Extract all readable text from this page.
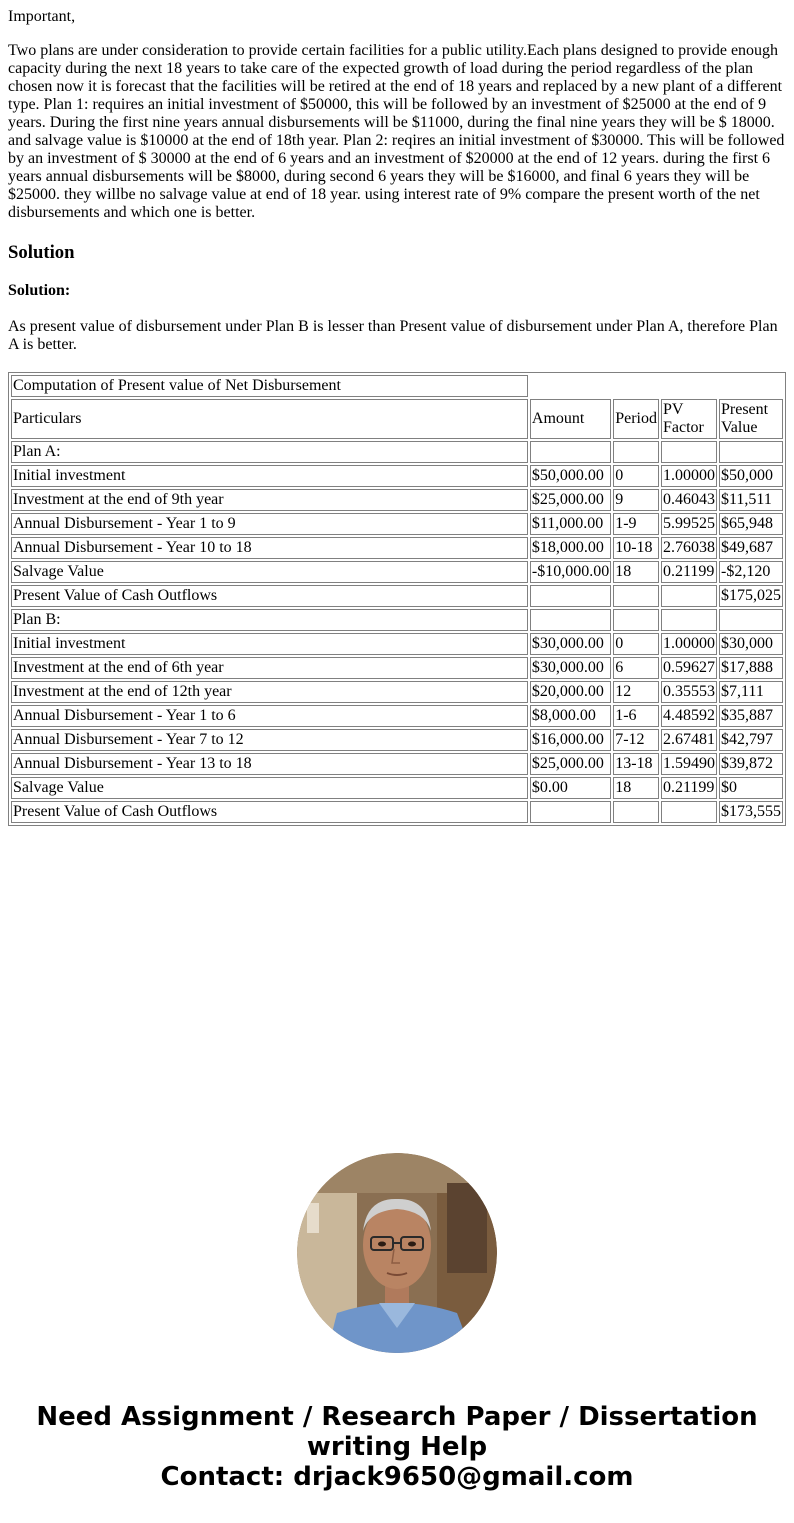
Important,

Two plans are under consideration to provide certain facilities for a public utility.Each plans designed to provide enough capacity during the next 18 years to take care of the expected growth of load during the period regardless of the plan chosen now it is forecast that the facilities will be retired at the end of 18 years and replaced by a new plant of a different type. Plan 1: requires an initial investment of $50000, this will be followed by an investment of $25000 at the end of 9 years. During the first nine years annual disbursements will be $11000, during the final nine years they will be $ 18000. and salvage value is $10000 at the end of 18th year. Plan 2: reqires an initial investment of $30000. This will be followed by an investment of $ 30000 at the end of 6 years and an investment of $20000 at the end of 12 years. during the first 6 years annual disbursements will be $8000, during second 6 years they will be $16000, and final 6 years they will be $25000. they willbe no salvage value at end of 18 year. using interest rate of 9% compare the present worth of the net disbursements and which one is better.

Solution
Solution:

As present value of disbursement under Plan B is lesser than Present value of disbursement under Plan A, therefore Plan A is better.

Computation of Present value of Net Disbursement				
Particulars	Amount	Period	PV Factor	Present Value
Plan A:				
Initial investment	$50,000.00	0	1.00000	$50,000
Investment at the end of 9th year	$25,000.00	9	0.46043	$11,511
Annual Disbursement - Year 1 to 9	$11,000.00	1-9	5.99525	$65,948
Annual Disbursement - Year 10 to 18	$18,000.00	10-18	2.76038	$49,687
Salvage Value	-$10,000.00	18	0.21199	-$2,120
Present Value of Cash Outflows				$175,025
Plan B:				
Initial investment	$30,000.00	0	1.00000	$30,000
Investment at the end of 6th year	$30,000.00	6	0.59627	$17,888
Investment at the end of 12th year	$20,000.00	12	0.35553	$7,111
Annual Disbursement - Year 1 to 6	$8,000.00	1-6	4.48592	$35,887
Annual Disbursement - Year 7 to 12	$16,000.00	7-12	2.67481	$42,797
Annual Disbursement - Year 13 to 18	$25,000.00	13-18	1.59490	$39,872
Salvage Value	$0.00	18	0.21199	$0
Present Value of Cash Outflows				$173,555
Need Assignment / Research Paper / Dissertation
writing Help
Contact: drjack9650@gmail.com
